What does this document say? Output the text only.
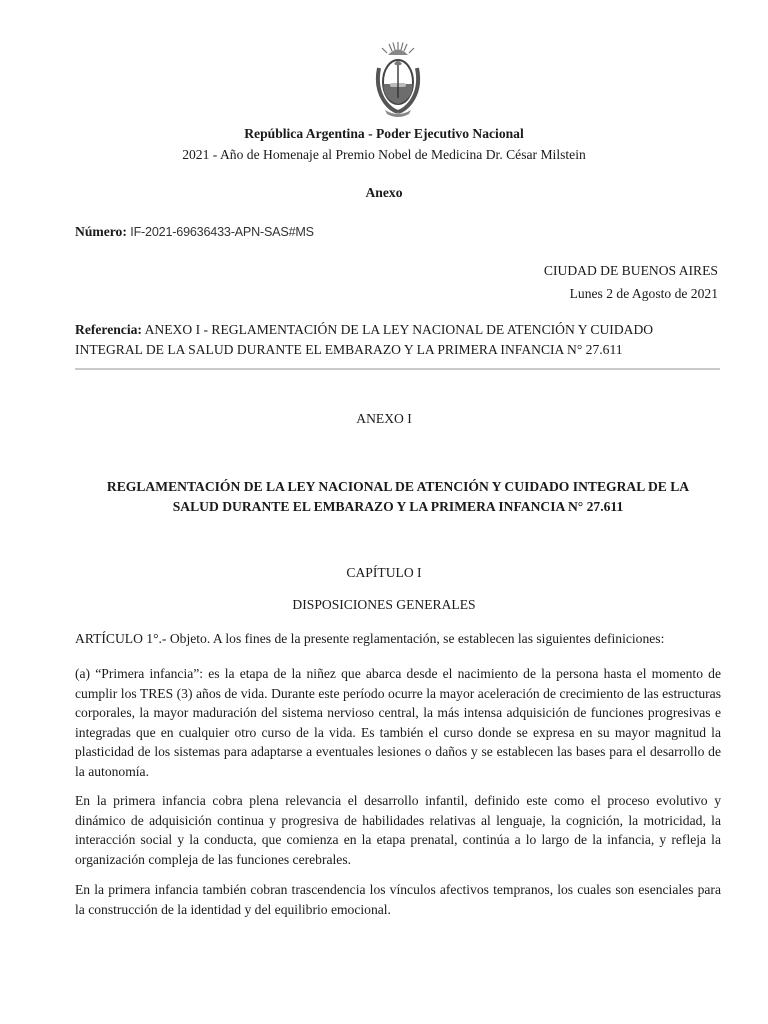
República Argentina - Poder Ejecutivo Nacional
2021 - Año de Homenaje al Premio Nobel de Medicina Dr. César Milstein
Anexo
Número: IF-2021-69636433-APN-SAS#MS
CIUDAD DE BUENOS AIRES
Lunes 2 de Agosto de 2021
Referencia: ANEXO I - REGLAMENTACIÓN DE LA LEY NACIONAL DE ATENCIÓN Y CUIDADO
INTEGRAL DE LA SALUD DURANTE EL EMBARAZO Y LA PRIMERA INFANCIA N° 27.611
ANEXO I
REGLAMENTACIÓN DE LA LEY NACIONAL DE ATENCIÓN Y CUIDADO INTEGRAL DE LA
SALUD DURANTE EL EMBARAZO Y LA PRIMERA INFANCIA N° 27.611
CAPÍTULO I
DISPOSICIONES GENERALES
ARTÍCULO 1°.- Objeto. A los fines de la presente reglamentación, se establecen las siguientes definiciones:
(a) “Primera infancia”: es la etapa de la niñez que abarca desde el nacimiento de la persona hasta el momento de cumplir los TRES (3) años de vida. Durante este período ocurre la mayor aceleración de crecimiento de las estructuras corporales, la mayor maduración del sistema nervioso central, la más intensa adquisición de funciones progresivas e integradas que en cualquier otro curso de la vida. Es también el curso donde se expresa en su mayor magnitud la plasticidad de los sistemas para adaptarse a eventuales lesiones o daños y se establecen las bases para el desarrollo de la autonomía.
En la primera infancia cobra plena relevancia el desarrollo infantil, definido este como el proceso evolutivo y dinámico de adquisición continua y progresiva de habilidades relativas al lenguaje, la cognición, la motricidad, la interacción social y la conducta, que comienza en la etapa prenatal, continúa a lo largo de la infancia, y refleja la organización compleja de las funciones cerebrales.
En la primera infancia también cobran trascendencia los vínculos afectivos tempranos, los cuales son esenciales para la construcción de la identidad y del equilibrio emocional.
